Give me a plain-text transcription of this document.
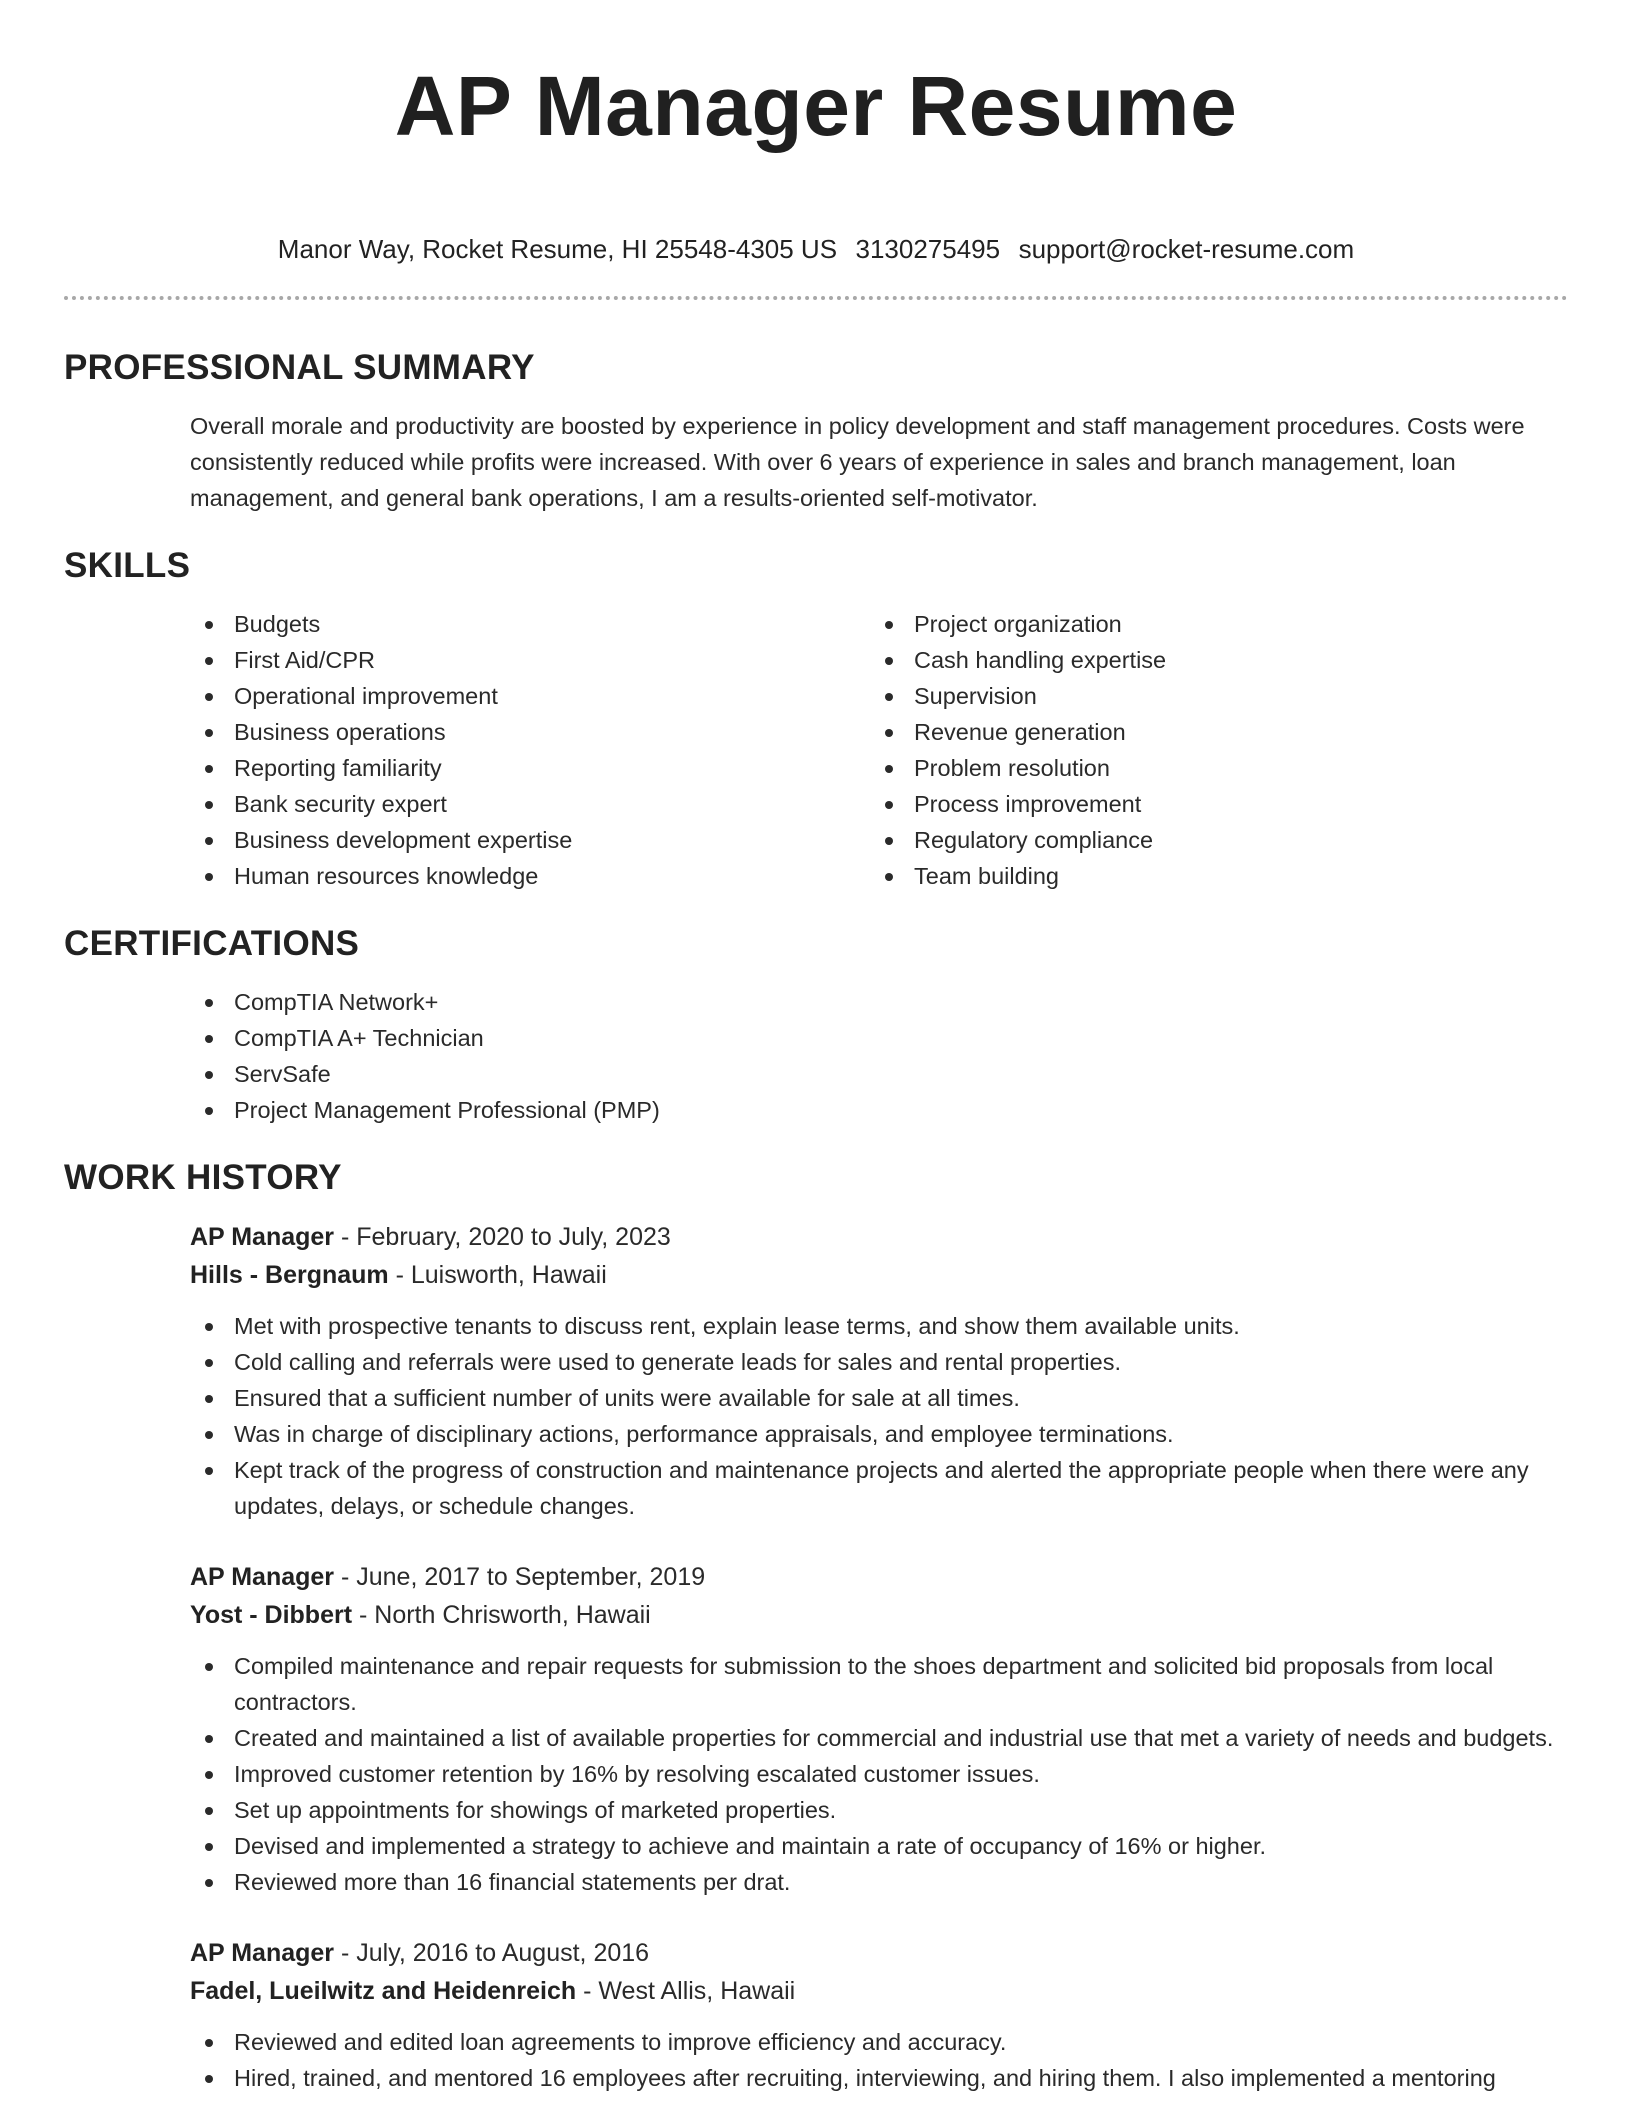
AP Manager Resume
Manor Way, Rocket Resume, HI 25548-4305 US 3130275495 support@rocket-resume.com
PROFESSIONAL SUMMARY

Overall morale and productivity are boosted by experience in policy development and staff management procedures. Costs were consistently reduced while profits were increased. With over 6 years of experience in sales and branch management, loan management, and general bank operations, I am a results-oriented self-motivator.

SKILLS
Budgets
First Aid/CPR
Operational improvement
Business operations
Reporting familiarity
Bank security expert
Business development expertise
Human resources knowledge
Project organization
Cash handling expertise
Supervision
Revenue generation
Problem resolution
Process improvement
Regulatory compliance
Team building
CERTIFICATIONS
CompTIA Network+
CompTIA A+ Technician
ServSafe
Project Management Professional (PMP)
WORK HISTORY
AP Manager - February, 2020 to July, 2023
Hills - Bergnaum - Luisworth, Hawaii
Met with prospective tenants to discuss rent, explain lease terms, and show them available units.
Cold calling and referrals were used to generate leads for sales and rental properties.
Ensured that a sufficient number of units were available for sale at all times.
Was in charge of disciplinary actions, performance appraisals, and employee terminations.
Kept track of the progress of construction and maintenance projects and alerted the appropriate people when there were any updates, delays, or schedule changes.
AP Manager - June, 2017 to September, 2019
Yost - Dibbert - North Chrisworth, Hawaii
Compiled maintenance and repair requests for submission to the shoes department and solicited bid proposals from local contractors.
Created and maintained a list of available properties for commercial and industrial use that met a variety of needs and budgets.
Improved customer retention by 16% by resolving escalated customer issues.
Set up appointments for showings of marketed properties.
Devised and implemented a strategy to achieve and maintain a rate of occupancy of 16% or higher.
Reviewed more than 16 financial statements per drat.
AP Manager - July, 2016 to August, 2016
Fadel, Lueilwitz and Heidenreich - West Allis, Hawaii
Reviewed and edited loan agreements to improve efficiency and accuracy.
Hired, trained, and mentored 16 employees after recruiting, interviewing, and hiring them. I also implemented a mentoring
